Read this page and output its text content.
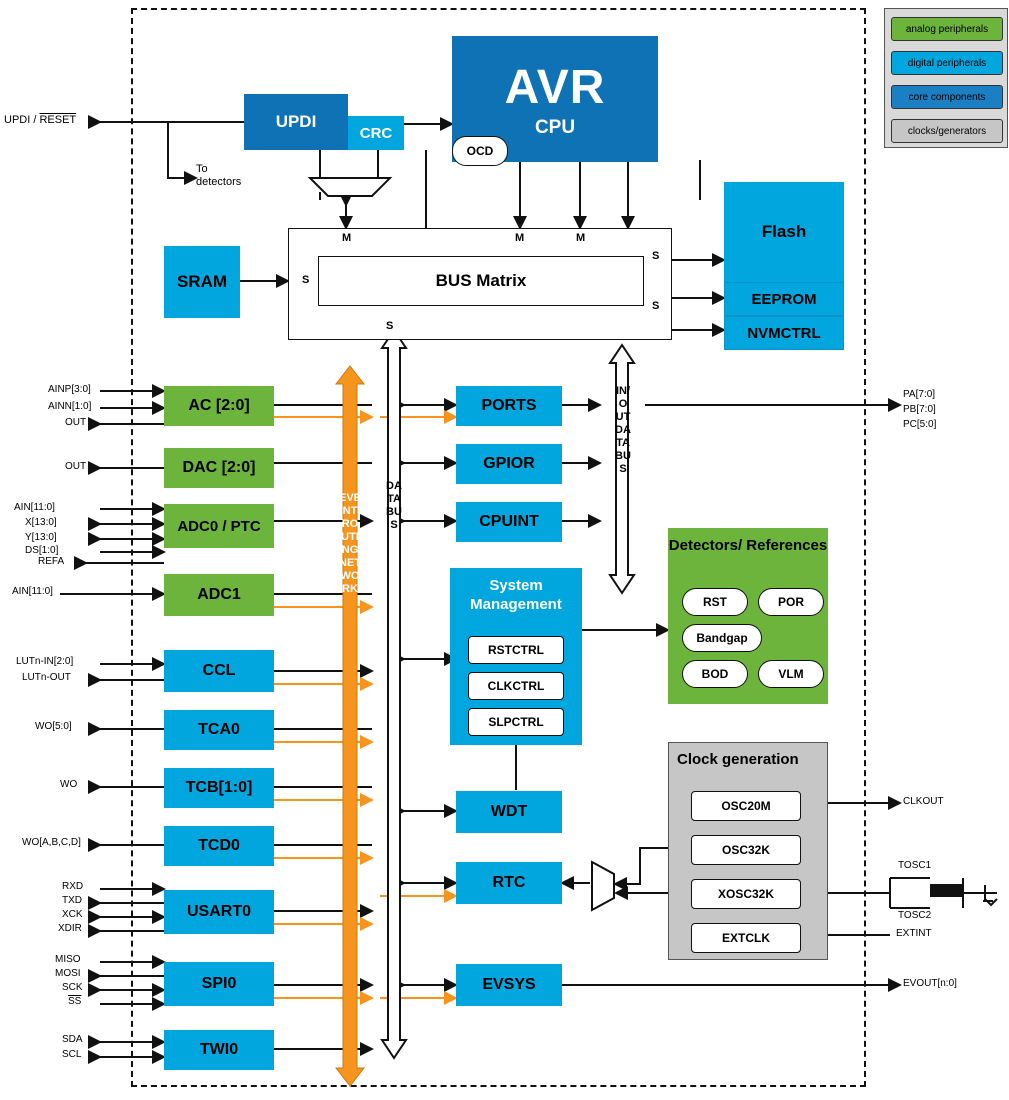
analog peripherals
digital peripherals
core components
clocks/generators
AVR
CPU
OCD
UPDI
CRC
BUS Matrix
SRAM
Flash
EEPROM
NVMCTRL
M	M	M
S
S
S
S
EVENT ROUTING NETWORK
DATABUS
IN/OUT DATABUS
AC [2:0]
DAC [2:0]
ADC0 / PTC
ADC1
CCL
TCA0
TCB[1:0]
TCD0
USART0
SPI0
TWI0
PORTS
GPIOR
CPUINT
WDT
RTC
EVSYS
System Management
RSTCTRL
CLKCTRL
SLPCTRL
Detectors/ References
RST	POR
Bandgap
BOD	VLM
Clock generation
OSC20M
OSC32K
XOSC32K
EXTCLK
UPDI / RESET
To
detectors
AINP[3:0]
AINN[1:0]
OUT
OUT
AIN[11:0]
X[13:0]
Y[13:0]
DS[1:0]
REFA
AIN[11:0]
LUTn-IN[2:0]
LUTn-OUT
WO[5:0]
WO
WO[A,B,C,D]
RXD
TXD
XCK
XDIR
MISO
MOSI
SCK
$\overline{SS}$
SDA
SCL
PA[7:0]
PB[7:0]
PC[5:0]
CLKOUT
TOSC1
TOSC2
EXTINT
EVOUT[n:0]
